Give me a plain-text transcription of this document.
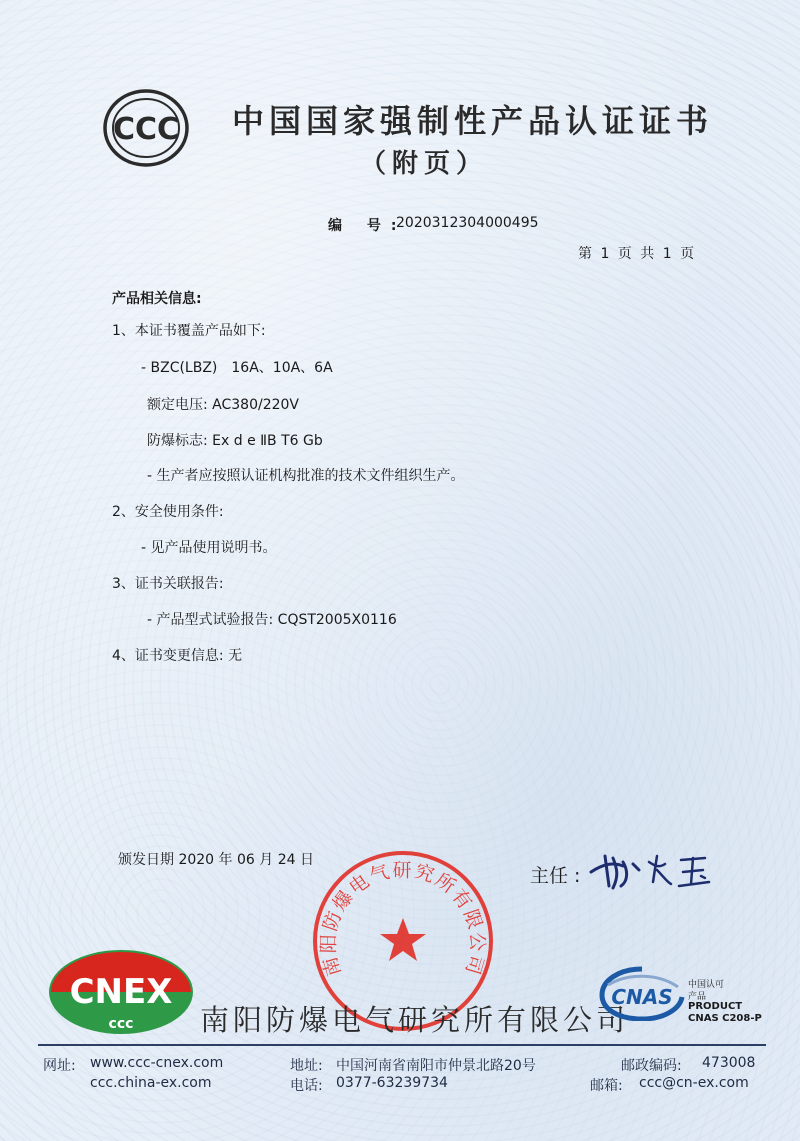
CCC 中国国家强制性产品认证证书
（附页）
编 号:
2020312304000495
第 1 页 共 1 页
产品相关信息:
1、本证书覆盖产品如下:
- BZC(LBZ)　16A、10A、6A
额定电压: AC380/220V
防爆标志: Ex d e ⅡB T6 Gb
- 生产者应按照认证机构批准的技术文件组织生产。
2、安全使用条件:
- 见产品使用说明书。
3、证书关联报告:
- 产品型式试验报告: CQST2005X0116
4、证书变更信息: 无
颁发日期 2020 年 06 月 24 日
南阳防爆电气研究所有限公司
主任 :
CNEX
ccc 南阳防爆电气研究所有限公司
CNAS 中国认可
产品
PRODUCT
CNAS C208-P
网址: www.ccc-cnex.com
ccc.china-ex.com
地址: 中国河南省南阳市仲景北路20号
电话: 0377-63239734
邮政编码: 473008
邮箱: ccc@cn-ex.com
